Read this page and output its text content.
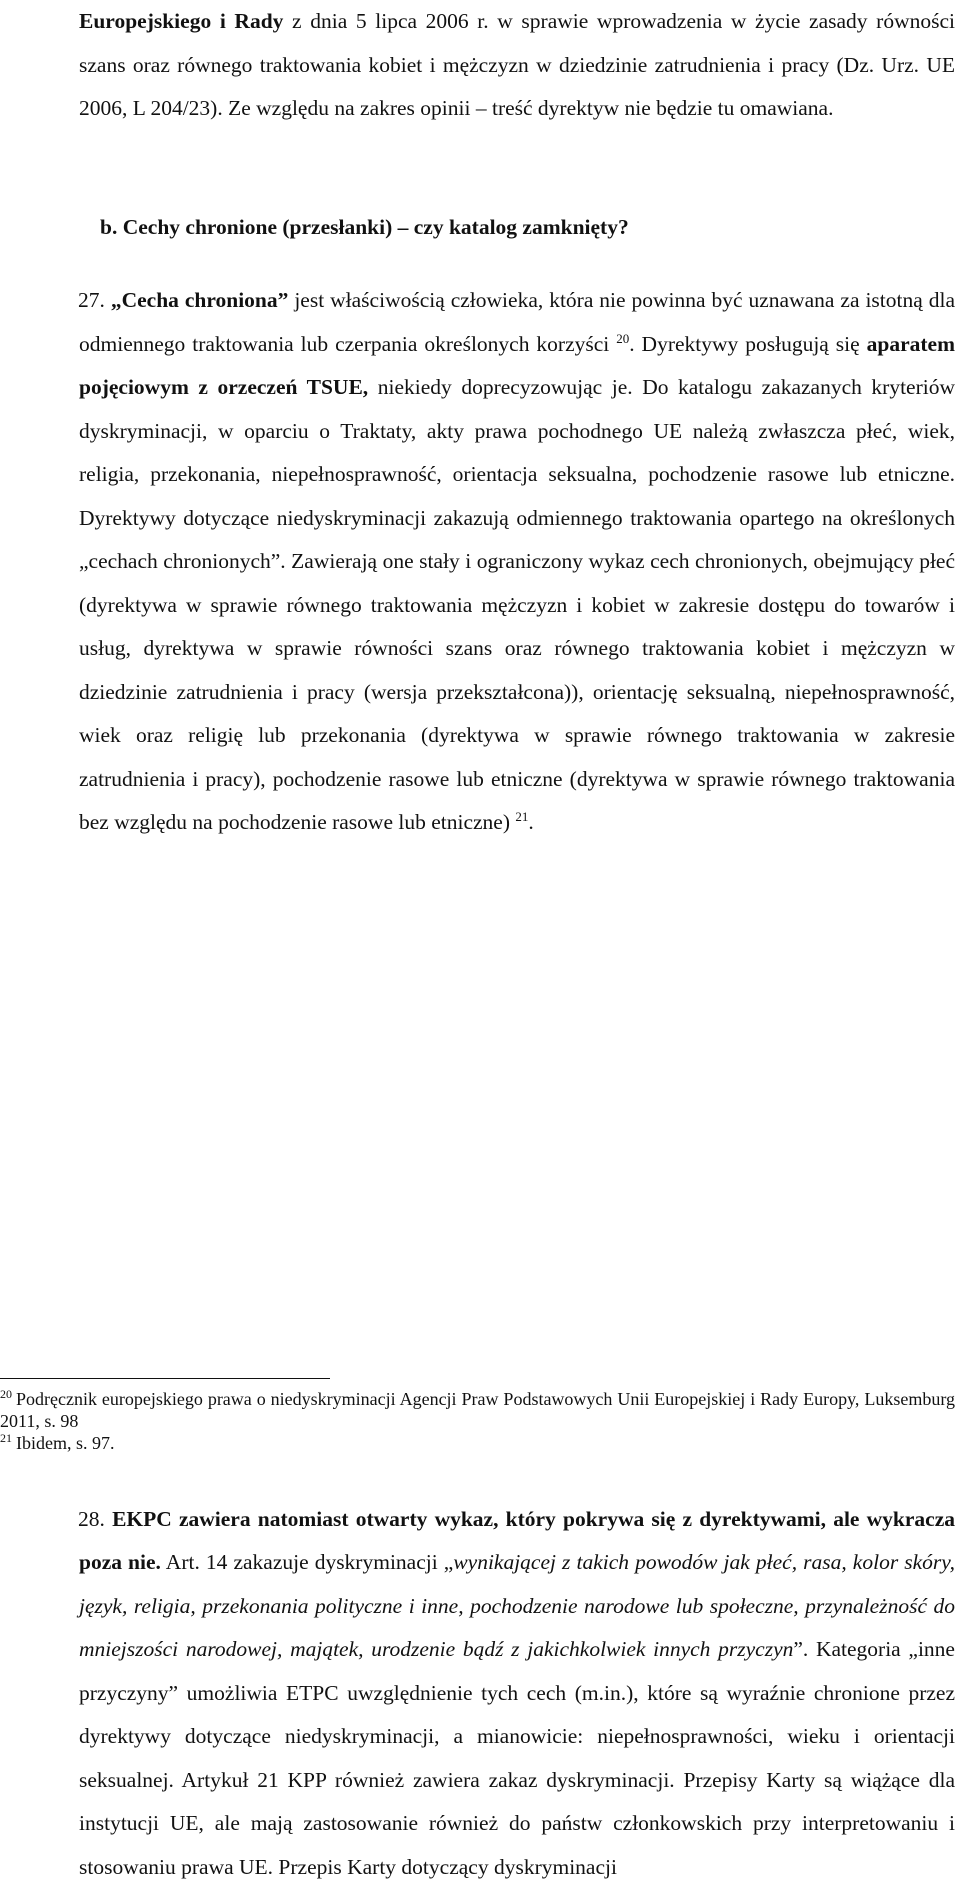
Europejskiego i Rady z dnia 5 lipca 2006 r. w sprawie wprowadzenia w życie zasady równości szans oraz równego traktowania kobiet i mężczyzn w dziedzinie zatrudnienia i pracy (Dz. Urz. UE 2006, L 204/23). Ze względu na zakres opinii – treść dyrektyw nie będzie tu omawiana.

b. Cechy chronione (przesłanki) – czy katalog zamknięty?

27. „Cecha chroniona” jest właściwością człowieka, która nie powinna być uznawana za istotną dla odmiennego traktowania lub czerpania określonych korzyści $^{20}$. Dyrektywy posługują się aparatem pojęciowym z orzeczeń TSUE, niekiedy doprecyzowując je. Do katalogu zakazanych kryteriów dyskryminacji, w oparciu o Traktaty, akty prawa pochodnego UE należą zwłaszcza płeć, wiek, religia, przekonania, niepełnosprawność, orientacja seksualna, pochodzenie rasowe lub etniczne. Dyrektywy dotyczące niedyskryminacji zakazują odmiennego traktowania opartego na określonych „cechach chronionych”. Zawierają one stały i ograniczony wykaz cech chronionych, obejmujący płeć (dyrektywa w sprawie równego traktowania mężczyzn i kobiet w zakresie dostępu do towarów i usług, dyrektywa w sprawie równości szans oraz równego traktowania kobiet i mężczyzn w dziedzinie zatrudnienia i pracy (wersja przekształcona)), orientację seksualną, niepełnosprawność, wiek oraz religię lub przekonania (dyrektywa w sprawie równego traktowania w zakresie zatrudnienia i pracy), pochodzenie rasowe lub etniczne (dyrektywa w sprawie równego traktowania bez względu na pochodzenie rasowe lub etniczne) $^{21}$.

28. EKPC zawiera natomiast otwarty wykaz, który pokrywa się z dyrektywami, ale wykracza poza nie. Art. 14 zakazuje dyskryminacji „wynikającej z takich powodów jak płeć, rasa, kolor skóry, język, religia, przekonania polityczne i inne, pochodzenie narodowe lub społeczne, przynależność do mniejszości narodowej, majątek, urodzenie bądź z jakichkolwiek innych przyczyn”. Kategoria „inne przyczyny” umożliwia ETPC uwzględnienie tych cech (m.in.), które są wyraźnie chronione przez dyrektywy dotyczące niedyskryminacji, a mianowicie: niepełnosprawności, wieku i orientacji seksualnej. Artykuł 21 KPP również zawiera zakaz dyskryminacji. Przepisy Karty są wiążące dla instytucji UE, ale mają zastosowanie również do państw członkowskich przy interpretowaniu i stosowaniu prawa UE. Przepis Karty dotyczący dyskryminacji

$^{20}$ Podręcznik europejskiego prawa o niedyskryminacji Agencji Praw Podstawowych Unii Europejskiej i Rady Europy, Luksemburg 2011, s. 98

$^{21}$ Ibidem, s. 97.
